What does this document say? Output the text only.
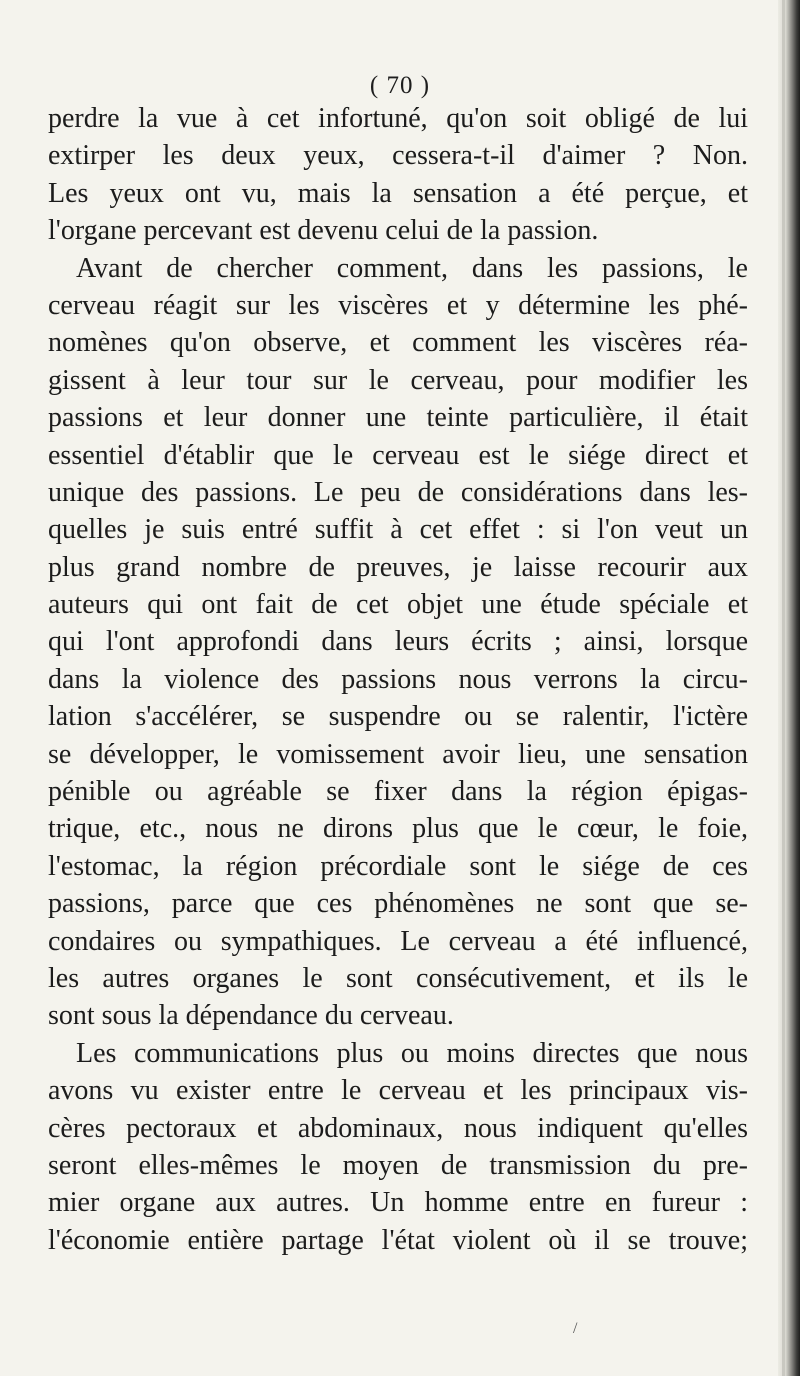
( 70 )
perdre la vue à cet infortuné, qu'on soit obligé de lui
extirper les deux yeux, cessera-t-il d'aimer ? Non.
Les yeux ont vu, mais la sensation a été perçue, et
l'organe percevant est devenu celui de la passion.
Avant de chercher comment, dans les passions, le
cerveau réagit sur les viscères et y détermine les phé-
nomènes qu'on observe, et comment les viscères réa-
gissent à leur tour sur le cerveau, pour modifier les
passions et leur donner une teinte particulière, il était
essentiel d'établir que le cerveau est le siége direct et
unique des passions. Le peu de considérations dans les-
quelles je suis entré suffit à cet effet : si l'on veut un
plus grand nombre de preuves, je laisse recourir aux
auteurs qui ont fait de cet objet une étude spéciale et
qui l'ont approfondi dans leurs écrits ; ainsi, lorsque
dans la violence des passions nous verrons la circu-
lation s'accélérer, se suspendre ou se ralentir, l'ictère
se développer, le vomissement avoir lieu, une sensation
pénible ou agréable se fixer dans la région épigas-
trique, etc., nous ne dirons plus que le cœur, le foie,
l'estomac, la région précordiale sont le siége de ces
passions, parce que ces phénomènes ne sont que se-
condaires ou sympathiques. Le cerveau a été influencé,
les autres organes le sont consécutivement, et ils le
sont sous la dépendance du cerveau.
Les communications plus ou moins directes que nous
avons vu exister entre le cerveau et les principaux vis-
cères pectoraux et abdominaux, nous indiquent qu'elles
seront elles-mêmes le moyen de transmission du pre-
mier organe aux autres. Un homme entre en fureur :
l'économie entière partage l'état violent où il se trouve;
/
